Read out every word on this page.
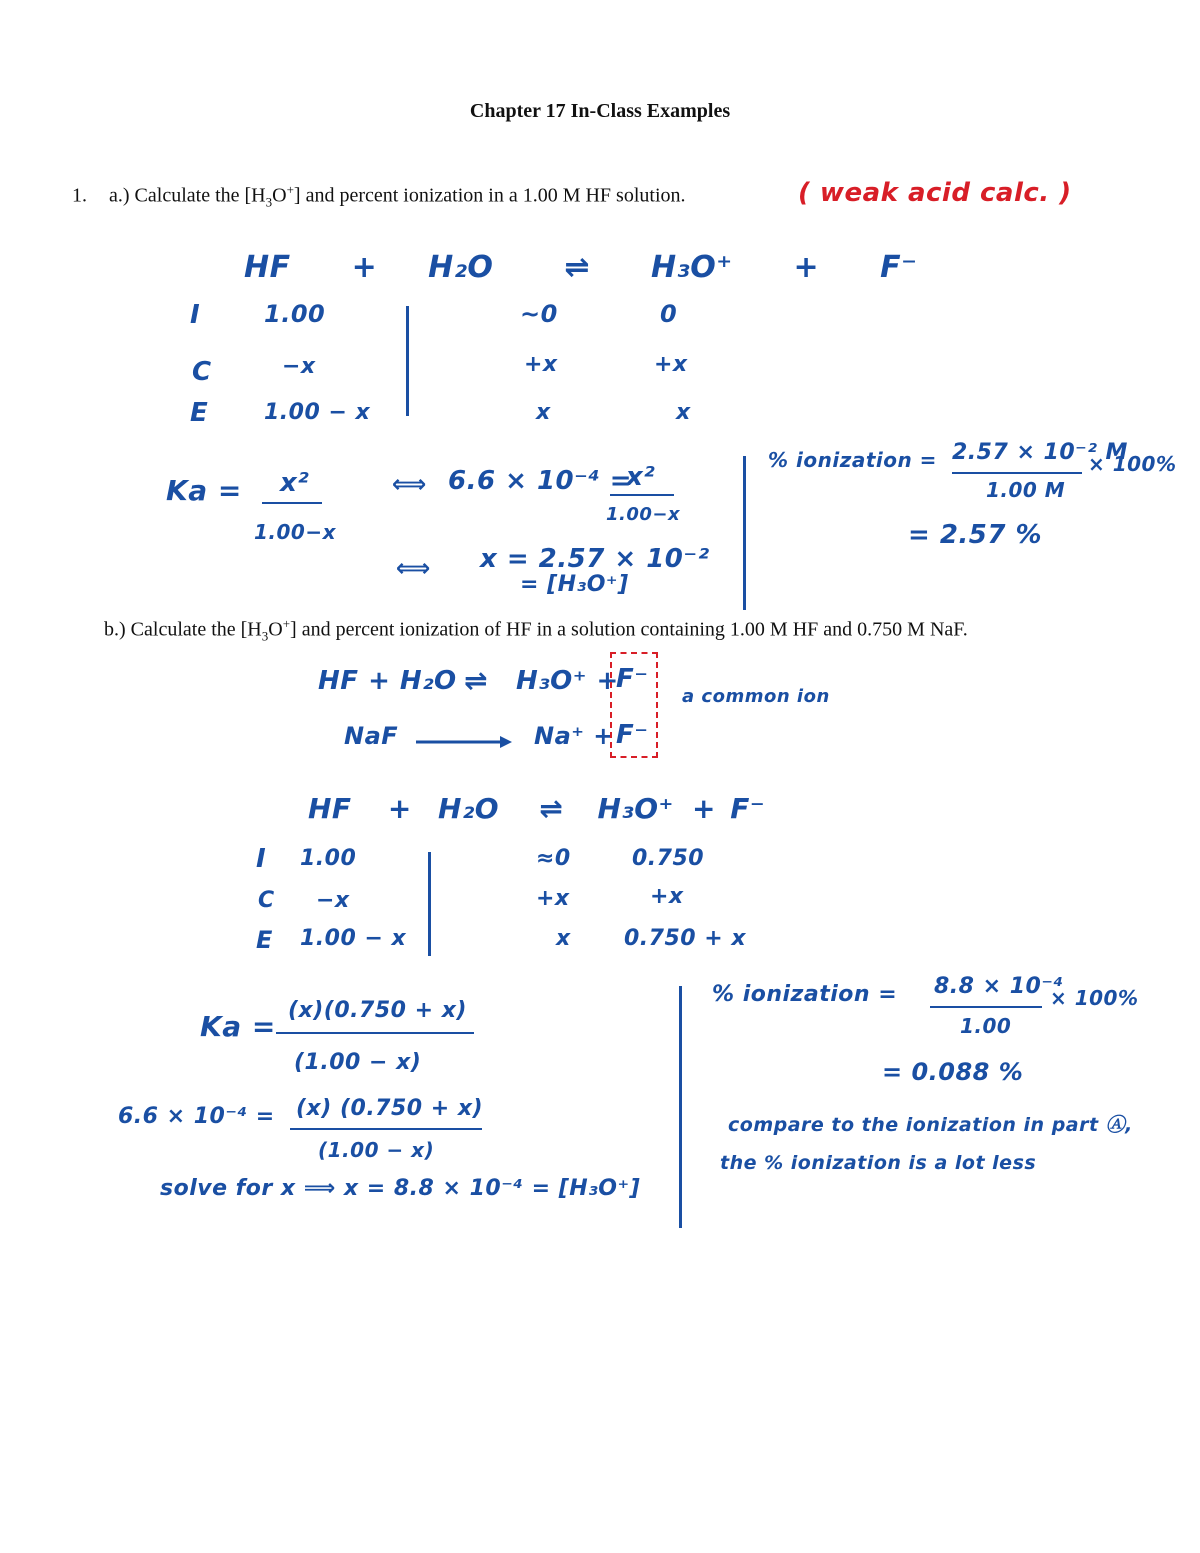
Chapter 17 In-Class Examples
1. a.) Calculate the $[H_3O^+]$ and percent ionization in a 1.00 M HF solution.	( weak acid calc. )
HF + H₂O ⇌ H₃O⁺ + F⁻
I	1.00	~0	0
C	−x	+x	+x
E	1.00 − x	x	x
Ka = x²
1.00−x
⟺ 6.6 × 10⁻⁴ =
x²
1.00−x
⟺ x = 2.57 × 10⁻²
= [H₃O⁺]
% ionization = 2.57 × 10⁻² M
1.00 M
× 100%
= 2.57 %
b.) Calculate the $[H_3O^+]$ and percent ionization of HF in a solution containing 1.00 M HF and 0.750 M NaF.
HF + H₂O ⇌ H₃O⁺ +
F⁻
a common ion
NaF	Na⁺ + F⁻
HF + H₂O ⇌ H₃O⁺ + F⁻
I 1.00	≈0	0.750
C −x	+x	+x
E 1.00 − x	x 0.750 + x
Ka = (x)(0.750 + x)
(1.00 − x)
6.6 × 10⁻⁴ = (x) (0.750 + x)
(1.00 − x)
solve for x ⟹ x = 8.8 × 10⁻⁴ = [H₃O⁺]
% ionization = 8.8 × 10⁻⁴
1.00
× 100%
= 0.088 %
compare to the ionization in part Ⓐ,
the % ionization is a lot less
